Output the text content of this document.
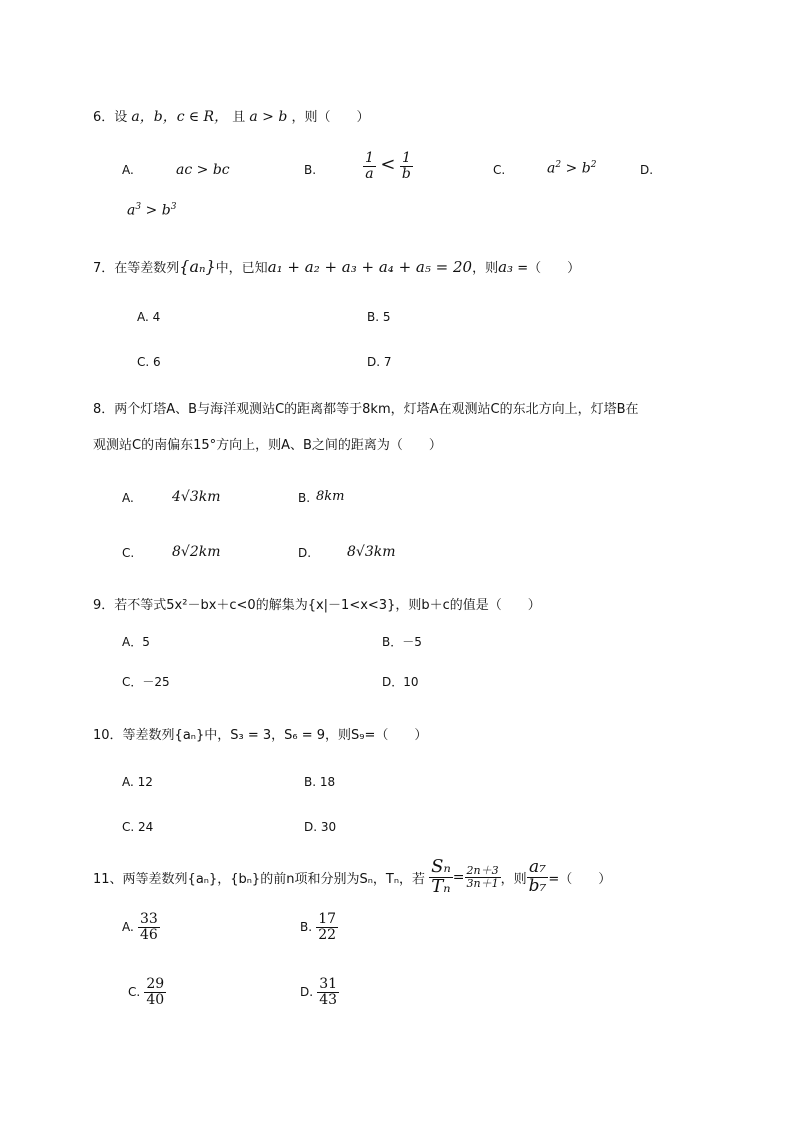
6．设 a，b，c ∈ R， 且 a > b ，则（　　）
A.	ac > bc	B.	$\frac{1}{a} < \frac{1}{b}$	C.	$a^2 > b^2$	D.
$a^3 > b^3$
7．在等差数列{aₙ}中，已知a₁ + a₂ + a₃ + a₄ + a₅ = 20，则a₃ =（　　）
A. 4	B. 5
C. 6	D. 7
8．两个灯塔A、B与海洋观测站C的距离都等于8km，灯塔A在观测站C的东北方向上，灯塔B在
观测站C的南偏东15°方向上，则A、B之间的距离为（　　）
A.	4√3km	B. 8km
C.	8√2km	D.	8√3km
9．若不等式5x²－bx＋c<0的解集为{x|－1<x<3}，则b＋c的值是（　　）
A．5	B．－5
C．－25	D．10
10．等差数列{aₙ}中，S₃ = 3，S₆ = 9，则S₉=（　　）
A. 12	B. 18
C. 24	D. 30
11、两等差数列{aₙ}，{bₙ}的前n项和分别为Sₙ，Tₙ，若 $\frac{\text{Sₙ}}{\text{Tₙ}} = \frac{2n+3}{3n+1}$ ，则 $\frac{\text{a₇}}{\text{b₇}}$ =（　　）
A. $\frac{33}{46}$	B. $\frac{17}{22}$
C. $\frac{29}{40}$	D. $\frac{31}{43}$
